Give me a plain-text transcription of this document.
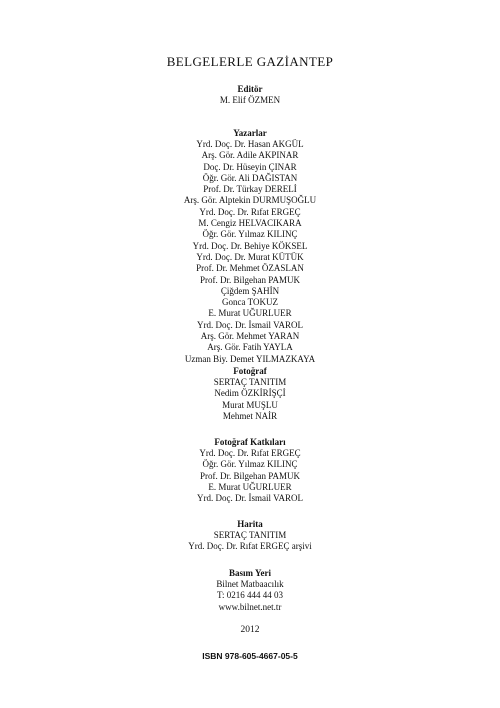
BELGELERLE GAZİANTEP
Editör
M. Elif ÖZMEN
Yazarlar
Yrd. Doç. Dr. Hasan AKGÜL
Arş. Gör. Adile AKPINAR
Doç. Dr. Hüseyin ÇINAR
Öğr. Gör. Ali DAĞISTAN
Prof. Dr. Türkay DERELİ
Arş. Gör. Alptekin DURMUŞOĞLU
Yrd. Doç. Dr. Rıfat ERGEÇ
M. Cengiz HELVACIKARA
Öğr. Gör. Yılmaz KILINÇ
Yrd. Doç. Dr. Behiye KÖKSEL
Yrd. Doç. Dr. Murat KÜTÜK
Prof. Dr. Mehmet ÖZASLAN
Prof. Dr. Bilgehan PAMUK
Çiğdem ŞAHİN
Gonca TOKUZ
E. Murat UĞURLUER
Yrd. Doç. Dr. İsmail VAROL
Arş. Gör. Mehmet YARAN
Arş. Gör. Fatih YAYLA
Uzman Biy. Demet YILMAZKAYA
Fotoğraf
SERTAÇ TANITIM
Nedim ÖZKİRİŞÇİ
Murat MUŞLU
Mehmet NAİR
Fotoğraf Katkıları
Yrd. Doç. Dr. Rıfat ERGEÇ
Öğr. Gör. Yılmaz KILINÇ
Prof. Dr. Bilgehan PAMUK
E. Murat UĞURLUER
Yrd. Doç. Dr. İsmail VAROL
Harita
SERTAÇ TANITIM
Yrd. Doç. Dr. Rıfat ERGEÇ arşivi
Basım Yeri
Bilnet Matbaacılık
T: 0216 444 44 03
www.bilnet.net.tr
2012
ISBN 978-605-4667-05-5
